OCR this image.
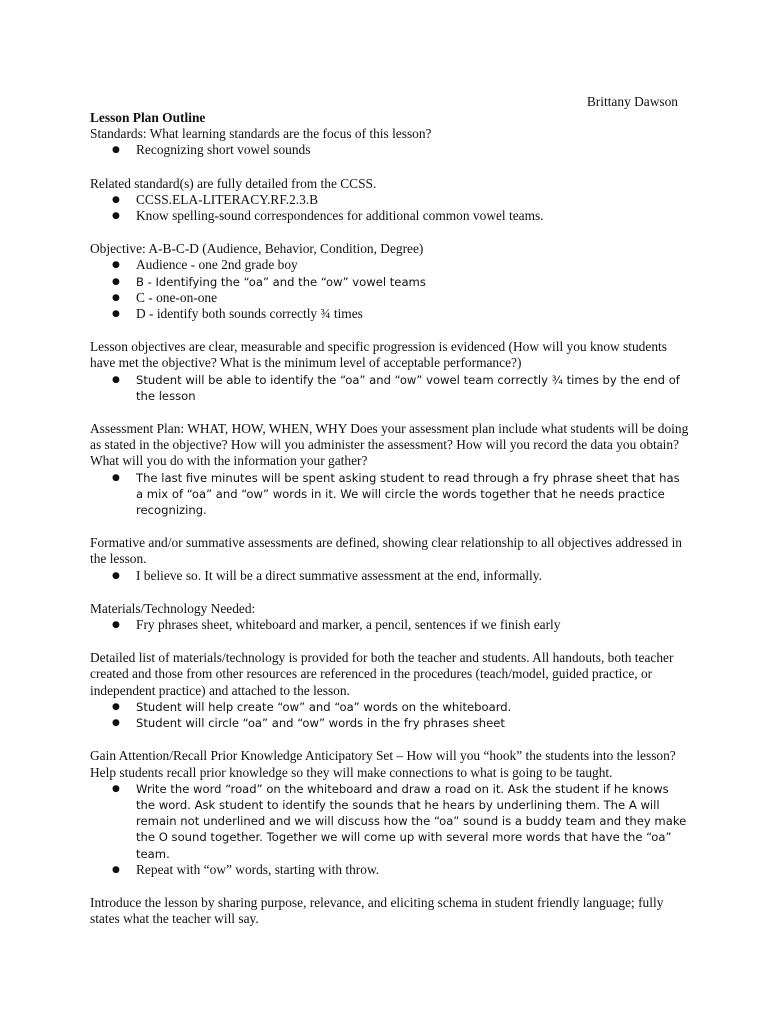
Brittany Dawson
Lesson Plan Outline
Standards: What learning standards are the focus of this lesson?
● Recognizing short vowel sounds
Related standard(s) are fully detailed from the CCSS.
● CCSS.ELA-LITERACY.RF.2.3.B
● Know spelling-sound correspondences for additional common vowel teams.
Objective: A-B-C-D (Audience, Behavior, Condition, Degree)
● Audience - one 2nd grade boy
● B - Identifying the “oa” and the “ow” vowel teams
● C - one-on-one
● D - identify both sounds correctly ¾ times
Lesson objectives are clear, measurable and specific progression is evidenced (How will you know students have met the objective? What is the minimum level of acceptable performance?)
● Student will be able to identify the “oa” and “ow” vowel team correctly ¾ times by the end of the lesson
Assessment Plan: WHAT, HOW, WHEN, WHY Does your assessment plan include what students will be doing as stated in the objective? How will you administer the assessment? How will you record the data you obtain? What will you do with the information your gather?
● The last five minutes will be spent asking student to read through a fry phrase sheet that has a mix of “oa” and “ow” words in it. We will circle the words together that he needs practice recognizing.
Formative and/or summative assessments are defined, showing clear relationship to all objectives addressed in the lesson.
● I believe so. It will be a direct summative assessment at the end, informally.
Materials/Technology Needed:
● Fry phrases sheet, whiteboard and marker, a pencil, sentences if we finish early
Detailed list of materials/technology is provided for both the teacher and students. All handouts, both teacher created and those from other resources are referenced in the procedures (teach/model, guided practice, or independent practice) and attached to the lesson.
● Student will help create “ow” and “oa” words on the whiteboard.
● Student will circle “oa” and “ow” words in the fry phrases sheet
Gain Attention/Recall Prior Knowledge Anticipatory Set – How will you “hook” the students into the lesson? Help students recall prior knowledge so they will make connections to what is going to be taught.
● Write the word “road” on the whiteboard and draw a road on it. Ask the student if he knows the word. Ask student to identify the sounds that he hears by underlining them. The A will remain not underlined and we will discuss how the “oa” sound is a buddy team and they make the O sound together. Together we will come up with several more words that have the “oa” team.
● Repeat with “ow” words, starting with throw.
Introduce the lesson by sharing purpose, relevance, and eliciting schema in student friendly language; fully states what the teacher will say.
